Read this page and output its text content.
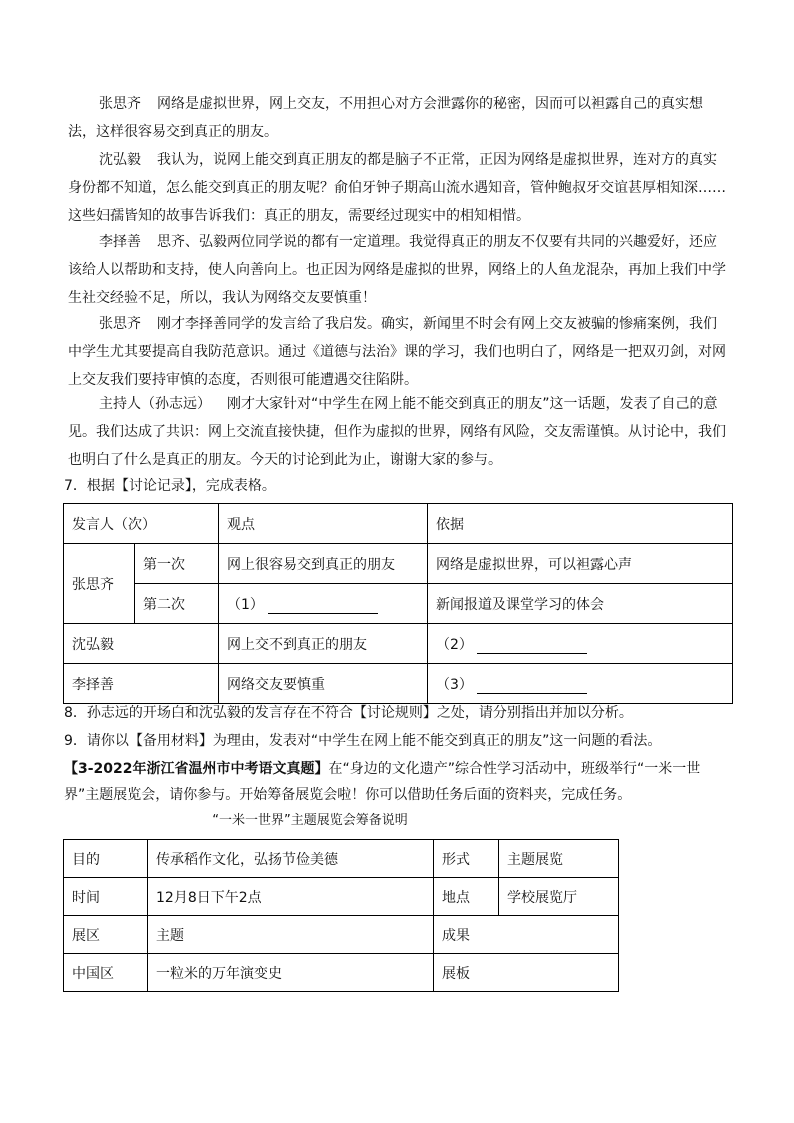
张思齐 网络是虚拟世界，网上交友，不用担心对方会泄露你的秘密，因而可以袒露自己的真实想法，这样很容易交到真正的朋友。

沈弘毅 我认为，说网上能交到真正朋友的都是脑子不正常，正因为网络是虚拟世界，连对方的真实身份都不知道，怎么能交到真正的朋友呢？俞伯牙钟子期高山流水遇知音，管仲鲍叔牙交谊甚厚相知深……这些妇孺皆知的故事告诉我们：真正的朋友，需要经过现实中的相知相惜。

李择善 思齐、弘毅两位同学说的都有一定道理。我觉得真正的朋友不仅要有共同的兴趣爱好，还应该给人以帮助和支持，使人向善向上。也正因为网络是虚拟的世界，网络上的人鱼龙混杂，再加上我们中学生社交经验不足，所以，我认为网络交友要慎重！

张思齐 刚才李择善同学的发言给了我启发。确实，新闻里不时会有网上交友被骗的惨痛案例，我们中学生尤其要提高自我防范意识。通过《道德与法治》课的学习，我们也明白了，网络是一把双刃剑，对网上交友我们要持审慎的态度，否则很可能遭遇交往陷阱。

主持人（孙志远） 刚才大家针对“中学生在网上能不能交到真正的朋友”这一话题，发表了自己的意见。我们达成了共识：网上交流直接快捷，但作为虚拟的世界，网络有风险，交友需谨慎。从讨论中，我们也明白了什么是真正的朋友。今天的讨论到此为止，谢谢大家的参与。

7．根据【讨论记录】，完成表格。

发言人（次）		观点	依据
张思齐	第一次	网上很容易交到真正的朋友	网络是虚拟世界，可以袒露心声
	第二次	（1）	新闻报道及课堂学习的体会
沈弘毅		网上交不到真正的朋友	（2）
李择善		网络交友要慎重	（3）

8．孙志远的开场白和沈弘毅的发言存在不符合【讨论规则】之处，请分别指出并加以分析。

9．请你以【备用材料】为理由，发表对“中学生在网上能不能交到真正的朋友”这一问题的看法。

【3-2022年浙江省温州市中考语文真题】在“身边的文化遗产”综合性学习活动中，班级举行“一米一世

界”主题展览会，请你参与。开始筹备展览会啦！你可以借助任务后面的资料夹，完成任务。

“一米一世界”主题展览会筹备说明
目的	传承稻作文化，弘扬节俭美德	形式	主题展览
时间	12月8日下午2点	地点	学校展览厅
展区	主题	成果	
中国区	一粒米的万年演变史	展板	
